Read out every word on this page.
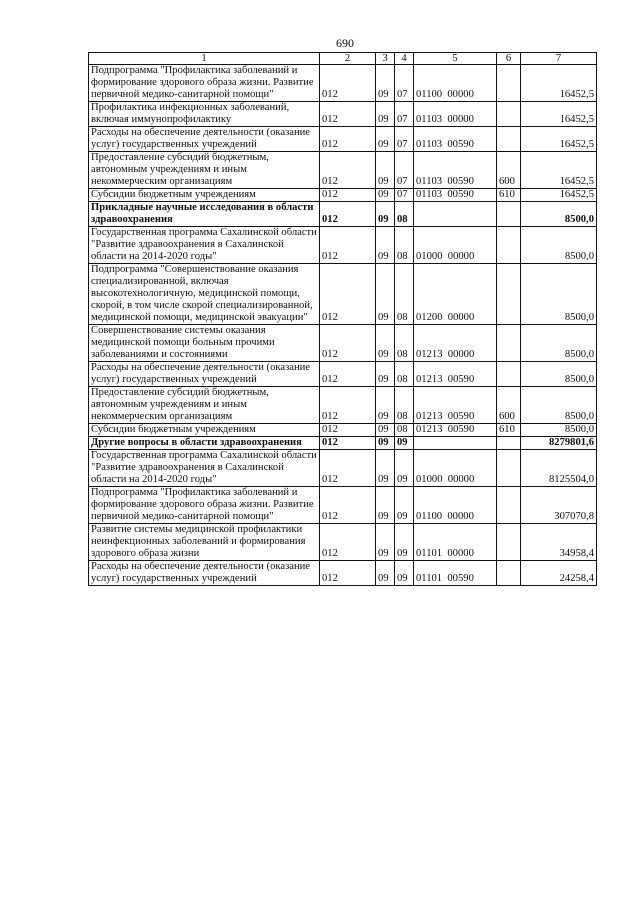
690
1	2	3	4	5	6	7
Подпрограмма "Профилактика заболеваний и формирование здорового образа жизни. Развитие первичной медико-санитарной помощи"	012	09	07	01100  00000		16452,5
Профилактика инфекционных заболеваний, включая иммунопрофилактику	012	09	07	01103  00000		16452,5
Расходы на обеспечение деятельности (оказание услуг) государственных учреждений	012	09	07	01103  00590		16452,5
Предоставление субсидий бюджетным, автономным учреждениям и иным некоммерческим организациям	012	09	07	01103  00590	600	16452,5
Субсидии бюджетным учреждениям	012	09	07	01103  00590	610	16452,5
Прикладные научные исследования в области здравоохранения	012	09	08			8500,0
Государственная программа Сахалинской области "Развитие здравоохранения в Сахалинской области на 2014-2020 годы"	012	09	08	01000  00000		8500,0
Подпрограмма "Совершенствование оказания специализированной, включая высокотехнологичную, медицинской помощи, скорой, в том числе скорой специализированной, медицинской помощи, медицинской эвакуации"	012	09	08	01200  00000		8500,0
Совершенствование системы оказания медицинской помощи больным прочими заболеваниями и состояниями	012	09	08	01213  00000		8500,0
Расходы на обеспечение деятельности (оказание услуг) государственных учреждений	012	09	08	01213  00590		8500,0
Предоставление субсидий бюджетным, автономным учреждениям и иным некоммерческим организациям	012	09	08	01213  00590	600	8500,0
Субсидии бюджетным учреждениям	012	09	08	01213  00590	610	8500,0
Другие вопросы в области здравоохранения	012	09	09			8279801,6
Государственная программа Сахалинской области "Развитие здравоохранения в Сахалинской области на 2014-2020 годы"	012	09	09	01000  00000		8125504,0
Подпрограмма "Профилактика заболеваний и формирование здорового образа жизни. Развитие первичной медико-санитарной помощи"	012	09	09	01100  00000		307070,8
Развитие системы медицинской профилактики неинфекционных заболеваний и формирования здорового образа жизни	012	09	09	01101  00000		34958,4
Расходы на обеспечение деятельности (оказание услуг) государственных учреждений	012	09	09	01101  00590		24258,4
